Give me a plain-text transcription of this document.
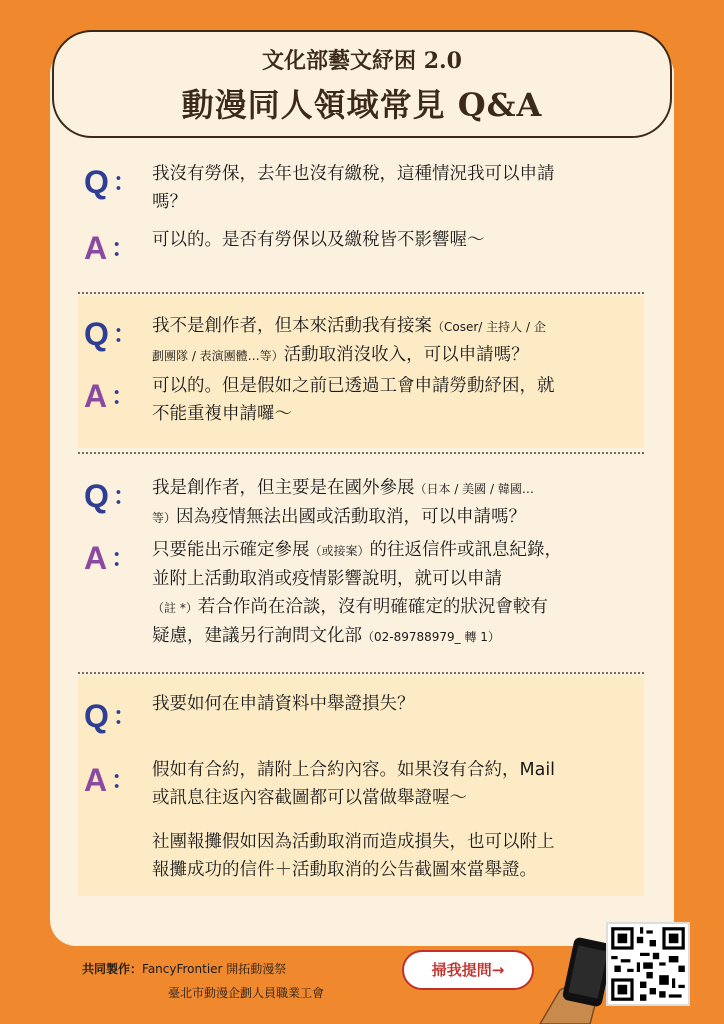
文化部藝文紓困 2.0
動漫同人領域常見 Q&A
Q ： 我沒有勞保，去年也沒有繳稅，這種情況我可以申請
嗎？
A ： 可以的。是否有勞保以及繳稅皆不影響喔～
Q ： 我不是創作者，但本來活動我有接案（Coser/ 主持人 / 企
劃團隊 / 表演團體…等）活動取消沒收入，可以申請嗎？
A ： 可以的。但是假如之前已透過工會申請勞動紓困，就
不能重複申請囉～
Q ： 我是創作者，但主要是在國外參展（日本 / 美國 / 韓國…
等）因為疫情無法出國或活動取消，可以申請嗎？
A ： 只要能出示確定參展（或接案）的往返信件或訊息紀錄，
並附上活動取消或疫情影響說明，就可以申請
（註 *）若合作尚在洽談，沒有明確確定的狀況會較有
疑慮，建議另行詢問文化部（02-89788979_ 轉 1）
Q ： 我要如何在申請資料中舉證損失？
A ： 假如有合約，請附上合約內容。如果沒有合約，Mail
或訊息往返內容截圖都可以當做舉證喔～
社團報攤假如因為活動取消而造成損失，也可以附上
報攤成功的信件＋活動取消的公告截圖來當舉證。
共同製作：FancyFrontier 開拓動漫祭
臺北市動漫企劃人員職業工會
掃我提問→
